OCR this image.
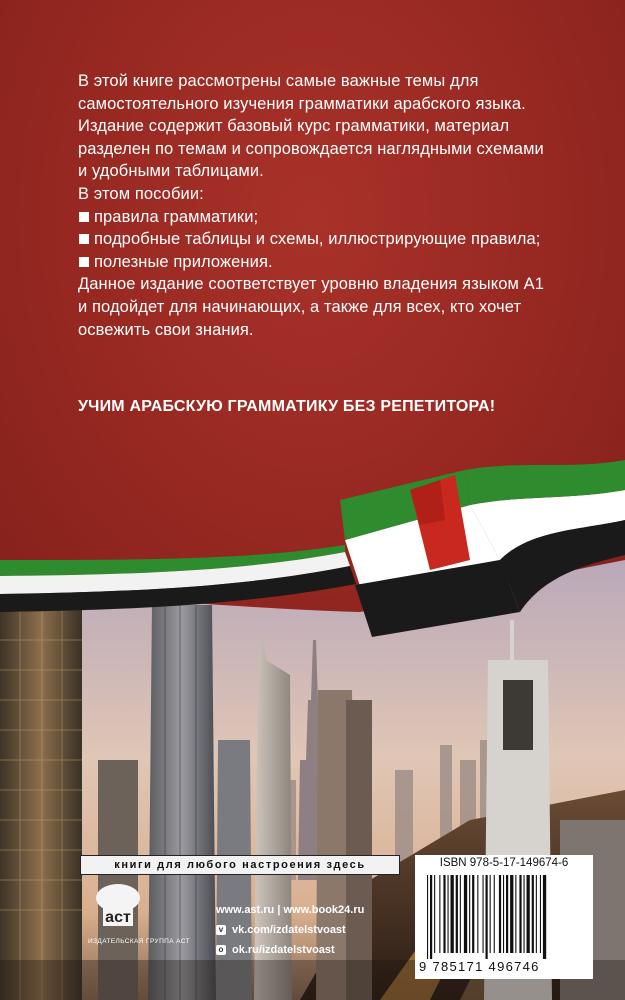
В этой книге рассмотрены самые важные темы для самостоятельного изучения грамматики арабского языка. Издание содержит базовый курс грамматики, материал разделен по темам и сопровождается наглядными схемами и удобными таблицами.

В этом пособии:

правила грамматики;
подробные таблицы и схемы, иллюстрирующие правила;
полезные приложения.

Данное издание соответствует уровню владения языком А1 и подойдет для начинающих, а также для всех, кто хочет освежить свои знания.

УЧИМ АРАБСКУЮ ГРАММАТИКУ БЕЗ РЕПЕТИТОРА!
книги для любого настроения здесь
аст
ИЗДАТЕЛЬСКАЯ ГРУППА АСТ
www.ast.ru | www.book24.ru
v vk.com/izdatelstvoast
o ok.ru/izdatelstvoast
ISBN 978-5-17-149674-6
9 785171 496746
